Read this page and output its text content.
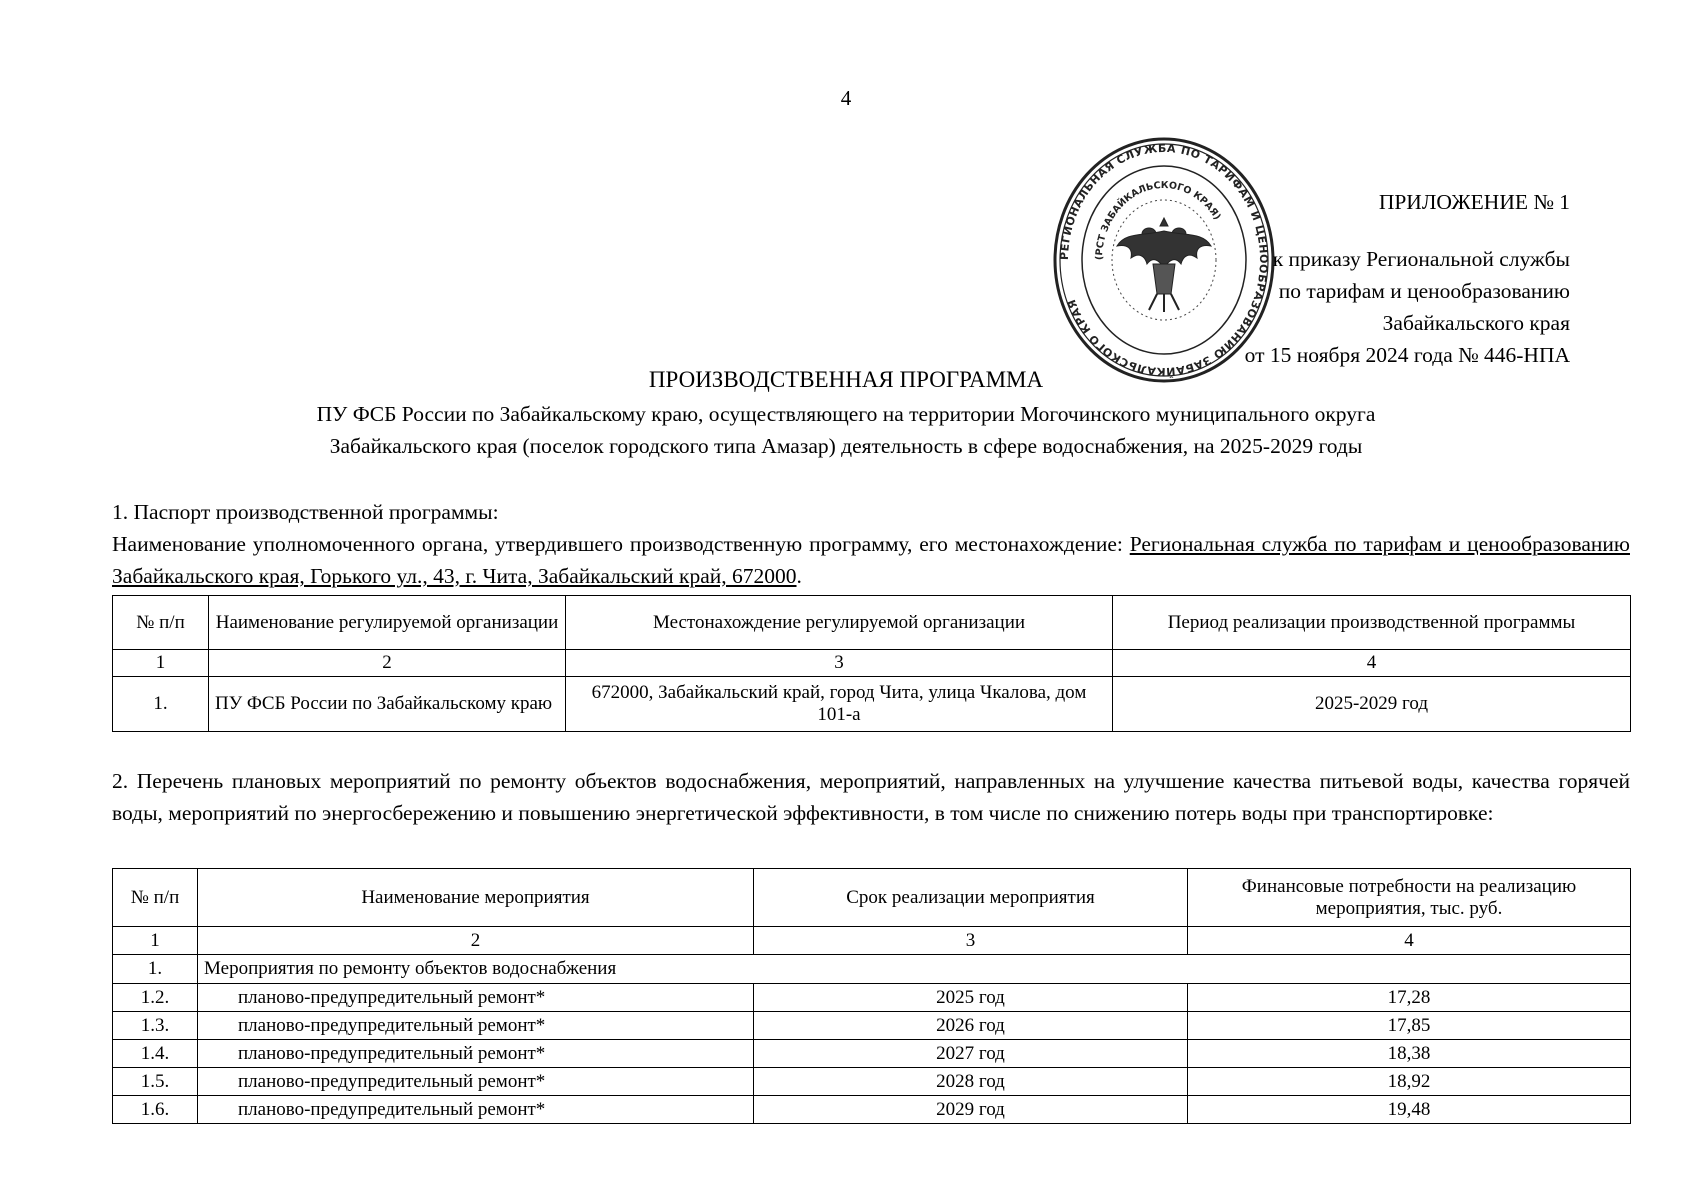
4
РЕГИОНАЛЬНАЯ СЛУЖБА ПО ТАРИФАМ И ЦЕНООБРАЗОВАНИЮ ЗАБАЙКАЛЬСКОГО КРАЯ
(РСТ ЗАБАЙКАЛЬСКОГО КРАЯ)
ПРИЛОЖЕНИЕ № 1
к приказу Региональной службы
по тарифам и ценообразованию
Забайкальского края
от 15 ноября 2024 года № 446-НПА
ПРОИЗВОДСТВЕННАЯ ПРОГРАММА
ПУ ФСБ России по Забайкальскому краю, осуществляющего на территории Могочинского муниципального округа
Забайкальского края (поселок городского типа Амазар) деятельность в сфере водоснабжения, на 2025-2029 годы
1. Паспорт производственной программы:
Наименование уполномоченного органа, утвердившего производственную программу, его местонахождение: Региональная служба по тарифам и ценообразованию Забайкальского края, Горького ул., 43, г. Чита, Забайкальский край, 672000.
№ п/п	Наименование регулируемой организации	Местонахождение регулируемой организации	Период реализации производственной программы
1	2	3	4
1.	ПУ ФСБ России по Забайкальскому краю	672000, Забайкальский край, город Чита, улица Чкалова, дом 101-а	2025-2029 год
2. Перечень плановых мероприятий по ремонту объектов водоснабжения, мероприятий, направленных на улучшение качества питьевой воды, качества горячей воды, мероприятий по энергосбережению и повышению энергетической эффективности, в том числе по снижению потерь воды при транспортировке:
№ п/п	Наименование мероприятия	Срок реализации мероприятия	Финансовые потребности на реализацию мероприятия, тыс. руб.
1	2	3	4
1.	Мероприятия по ремонту объектов водоснабжения		
1.2.	планово-предупредительный ремонт*	2025 год	17,28
1.3.	планово-предупредительный ремонт*	2026 год	17,85
1.4.	планово-предупредительный ремонт*	2027 год	18,38
1.5.	планово-предупредительный ремонт*	2028 год	18,92
1.6.	планово-предупредительный ремонт*	2029 год	19,48
